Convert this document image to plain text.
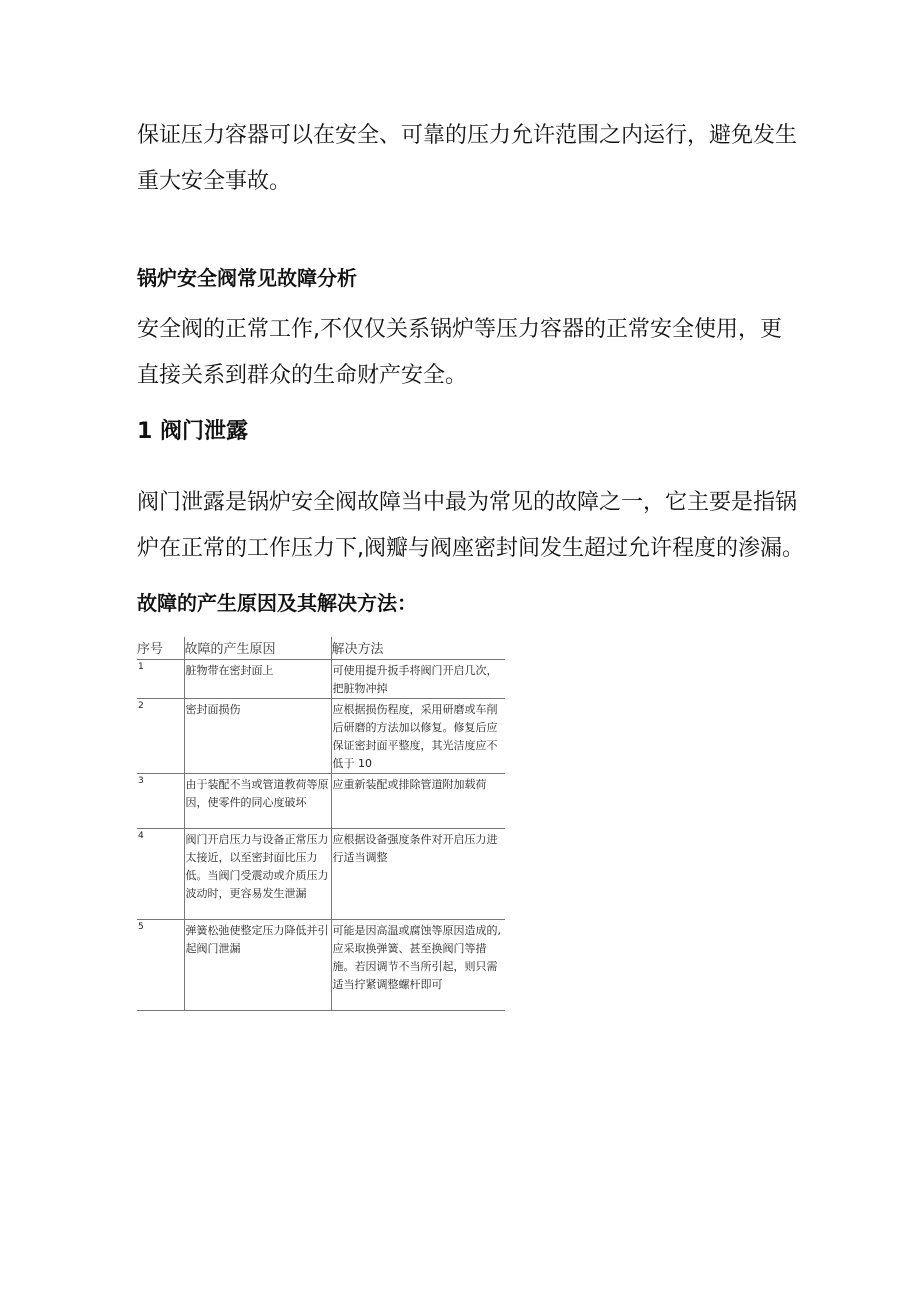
保证压力容器可以在安全、可靠的压力允许范围之内运行，避免发生重大安全事故。

锅炉安全阀常见故障分析

安全阀的正常工作,不仅仅关系锅炉等压力容器的正常安全使用，更直接关系到群众的生命财产安全。

1 阀门泄露

阀门泄露是锅炉安全阀故障当中最为常见的故障之一，它主要是指锅炉在正常的工作压力下,阀瓣与阀座密封间发生超过允许程度的渗漏。

故障的产生原因及其解决方法：
序号	故障的产生原因	解决方法
1	脏物带在密封面上	可使用提升扳手将阀门开启几次，把脏物冲掉
2	密封面损伤	应根据损伤程度，采用研磨或车削后研磨的方法加以修复。修复后应保证密封面平整度，其光洁度应不低于 10
3	由于装配不当或管道教荷等原因，使零件的同心度破坏	应重新装配或排除管道附加载荷
4	阀门开启压力与设备正常压力太接近，以至密封面比压力低。当阀门受震动或介质压力波动时，更容易发生泄漏	应根据设备强度条件对开启压力进行适当调整
5	弹簧松弛使整定压力降低并引起阀门泄漏	可能是因高温或腐蚀等原因造成的,应采取换弹簧、甚至换阀门等措施。若因调节不当所引起，则只需适当拧紧调整螺杆即可
